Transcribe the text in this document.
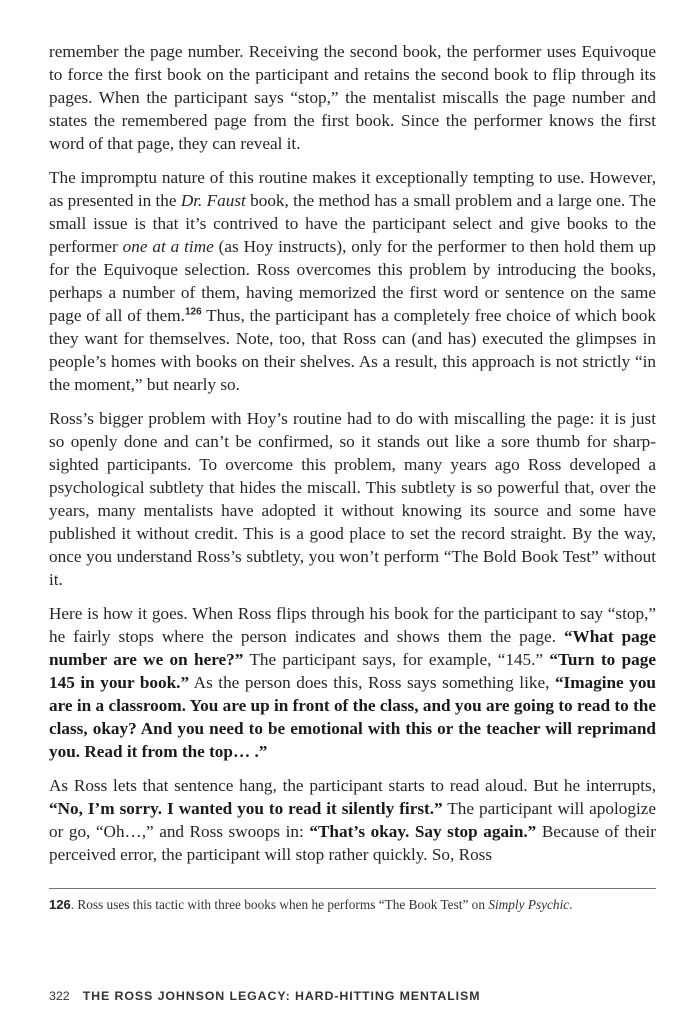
remember the page number. Receiving the second book, the performer uses Equivoque to force the first book on the participant and retains the second book to flip through its pages. When the participant says “stop,” the mentalist miscalls the page number and states the remembered page from the first book. Since the performer knows the first word of that page, they can reveal it.

The impromptu nature of this routine makes it exceptionally tempting to use. However, as presented in the Dr. Faust book, the method has a small problem and a large one. The small issue is that it’s contrived to have the participant select and give books to the performer one at a time (as Hoy instructs), only for the performer to then hold them up for the Equivoque selection. Ross overcomes this problem by introducing the books, perhaps a number of them, having memorized the first word or sentence on the same page of all of them.$^{126}$ Thus, the participant has a completely free choice of which book they want for themselves. Note, too, that Ross can (and has) executed the glimpses in people’s homes with books on their shelves. As a result, this approach is not strictly “in the moment,” but nearly so.

Ross’s bigger problem with Hoy’s routine had to do with miscalling the page: it is just so openly done and can’t be confirmed, so it stands out like a sore thumb for sharp-sighted participants. To overcome this problem, many years ago Ross developed a psychological subtlety that hides the miscall. This subtlety is so powerful that, over the years, many mentalists have adopted it without knowing its source and some have published it without credit. This is a good place to set the record straight. By the way, once you understand Ross’s subtlety, you won’t perform “The Bold Book Test” without it.

Here is how it goes. When Ross flips through his book for the participant to say “stop,” he fairly stops where the person indicates and shows them the page. “What page number are we on here?” The participant says, for example, “145.” “Turn to page 145 in your book.” As the person does this, Ross says something like, “Imagine you are in a classroom. You are up in front of the class, and you are going to read to the class, okay? And you need to be emotional with this or the teacher will reprimand you. Read it from the top… .”

As Ross lets that sentence hang, the participant starts to read aloud. But he interrupts, “No, I’m sorry. I wanted you to read it silently first.” The participant will apologize or go, “Oh…,” and Ross swoops in: “That’s okay. Say stop again.” Because of their perceived error, the participant will stop rather quickly. So, Ross

126. Ross uses this tactic with three books when he performs “The Book Test” on Simply Psychic.
322 THE ROSS JOHNSON LEGACY: HARD-HITTING MENTALISM
